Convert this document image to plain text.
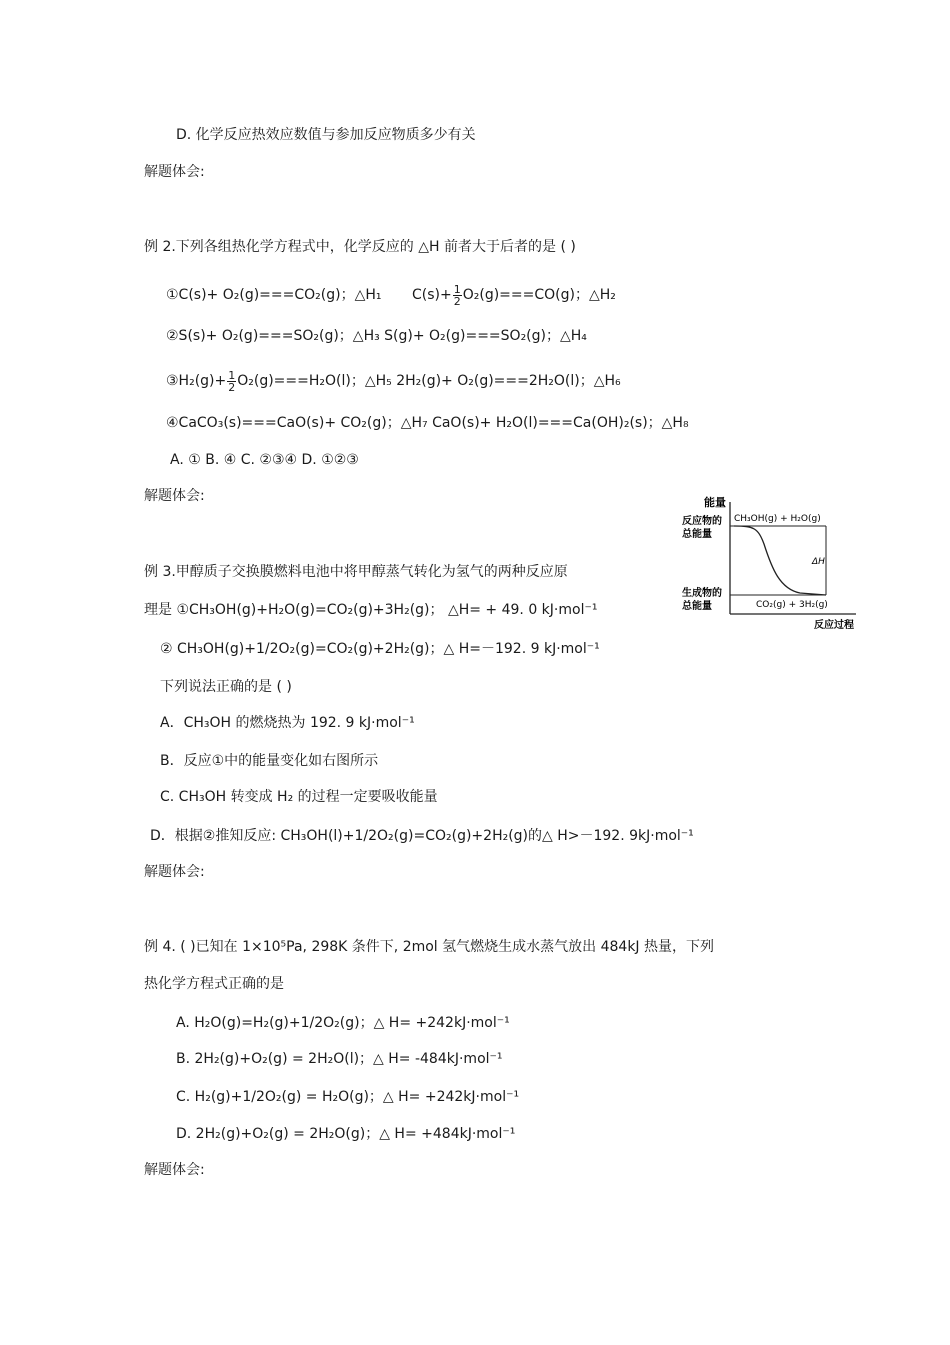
D. 化学反应热效应数值与参加反应物质多少有关
解题体会:
例 2.下列各组热化学方程式中，化学反应的 △H 前者大于后者的是 ( )
①C(s)+ O₂(g)===CO₂(g)；△H₁ $C(s)+ \frac{1}{2} O_2(g)===CO(g)$；△H₂
②S(s)+ O₂(g)===SO₂(g)；△H₃ S(g)+ O₂(g)===SO₂(g)；△H₄
③H₂(g)+ $\frac{1}{2} O_2(g)===H_2O(l)$；△H₅ 2H₂(g)+ O₂(g)===2H₂O(l)；△H₆
④CaCO₃(s)===CaO(s)+ CO₂(g)；△H₇ CaO(s)+ H₂O(l)===Ca(OH)₂(s)；△H₈
A. ① B. ④ C. ②③④ D. ①②③
解题体会:	能量
反应物的
总能量
生成物的
总能量
CH₃OH(g) + H₂O(g)
ΔH
CO₂(g) + 3H₂(g)
反应过程
例 3.甲醇质子交换膜燃料电池中将甲醇蒸气转化为氢气的两种反应原
理是 ①CH₃OH(g)+H₂O(g)=CO₂(g)+3H₂(g)； △H= + 49. 0 kJ·mol⁻¹
② CH₃OH(g)+1/2O₂(g)=CO₂(g)+2H₂(g)；△ H=－192. 9 kJ·mol⁻¹
下列说法正确的是 ( )
A．CH₃OH 的燃烧热为 192. 9 kJ·mol⁻¹
B．反应①中的能量变化如右图所示
C. CH₃OH 转变成 H₂ 的过程一定要吸收能量
D．根据②推知反应: CH₃OH(l)+1/2O₂(g)=CO₂(g)+2H₂(g)的△ H>－192. 9kJ·mol⁻¹
解题体会:
例 4. ( )已知在 1×10⁵Pa, 298K 条件下, 2mol 氢气燃烧生成水蒸气放出 484kJ 热量，下列
热化学方程式正确的是
A. H₂O(g)=H₂(g)+1/2O₂(g)；△ H= +242kJ·mol⁻¹
B. 2H₂(g)+O₂(g) = 2H₂O(l)；△ H= -484kJ·mol⁻¹
C. H₂(g)+1/2O₂(g) = H₂O(g)；△ H= +242kJ·mol⁻¹
D. 2H₂(g)+O₂(g) = 2H₂O(g)；△ H= +484kJ·mol⁻¹
解题体会:
